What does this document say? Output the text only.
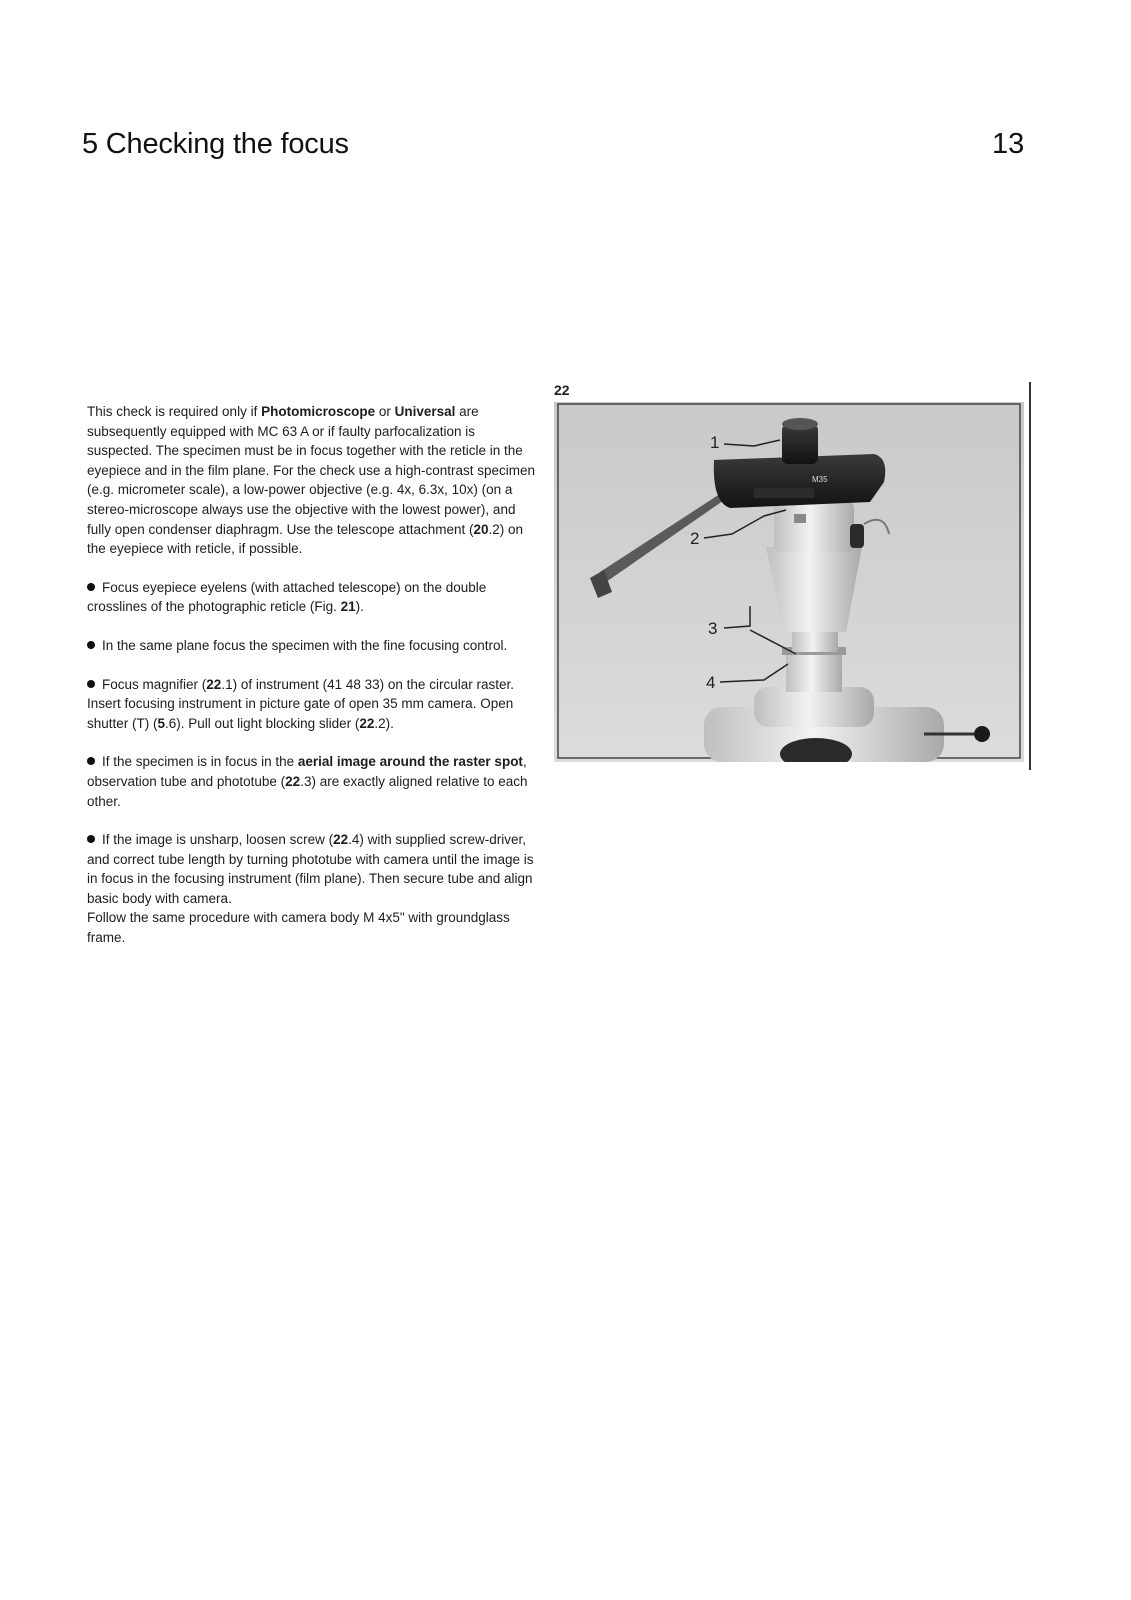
5 Checking the focus	13

This check is required only if Photomicroscope or Universal are subsequently equipped with MC 63 A or if faulty parfocalization is suspected. The specimen must be in focus together with the reticle in the eyepiece and in the film plane. For the check use a high-contrast specimen (e.g. micrometer scale), a low-power objective (e.g. 4x, 6.3x, 10x) (on a stereo-microscope always use the objective with the lowest power), and fully open condenser diaphragm. Use the telescope attachment (20.2) on the eyepiece with reticle, if possible.

Focus eyepiece eyelens (with attached telescope) on the double crosslines of the photographic reticle (Fig. 21).

In the same plane focus the specimen with the fine focusing control.

Focus magnifier (22.1) of instrument (41 48 33) on the circular raster. Insert focusing instrument in picture gate of open 35 mm camera. Open shutter (T) (5.6). Pull out light blocking slider (22.2).

If the specimen is in focus in the aerial image around the raster spot, observation tube and phototube (22.3) are exactly aligned relative to each other.

If the image is unsharp, loosen screw (22.4) with supplied screw-driver, and correct tube length by turning phototube with camera until the image is in focus in the focusing instrument (film plane). Then secure tube and align basic body with camera.

Follow the same procedure with camera body M 4x5" with groundglass frame.

22
M35
1
2
3
4
